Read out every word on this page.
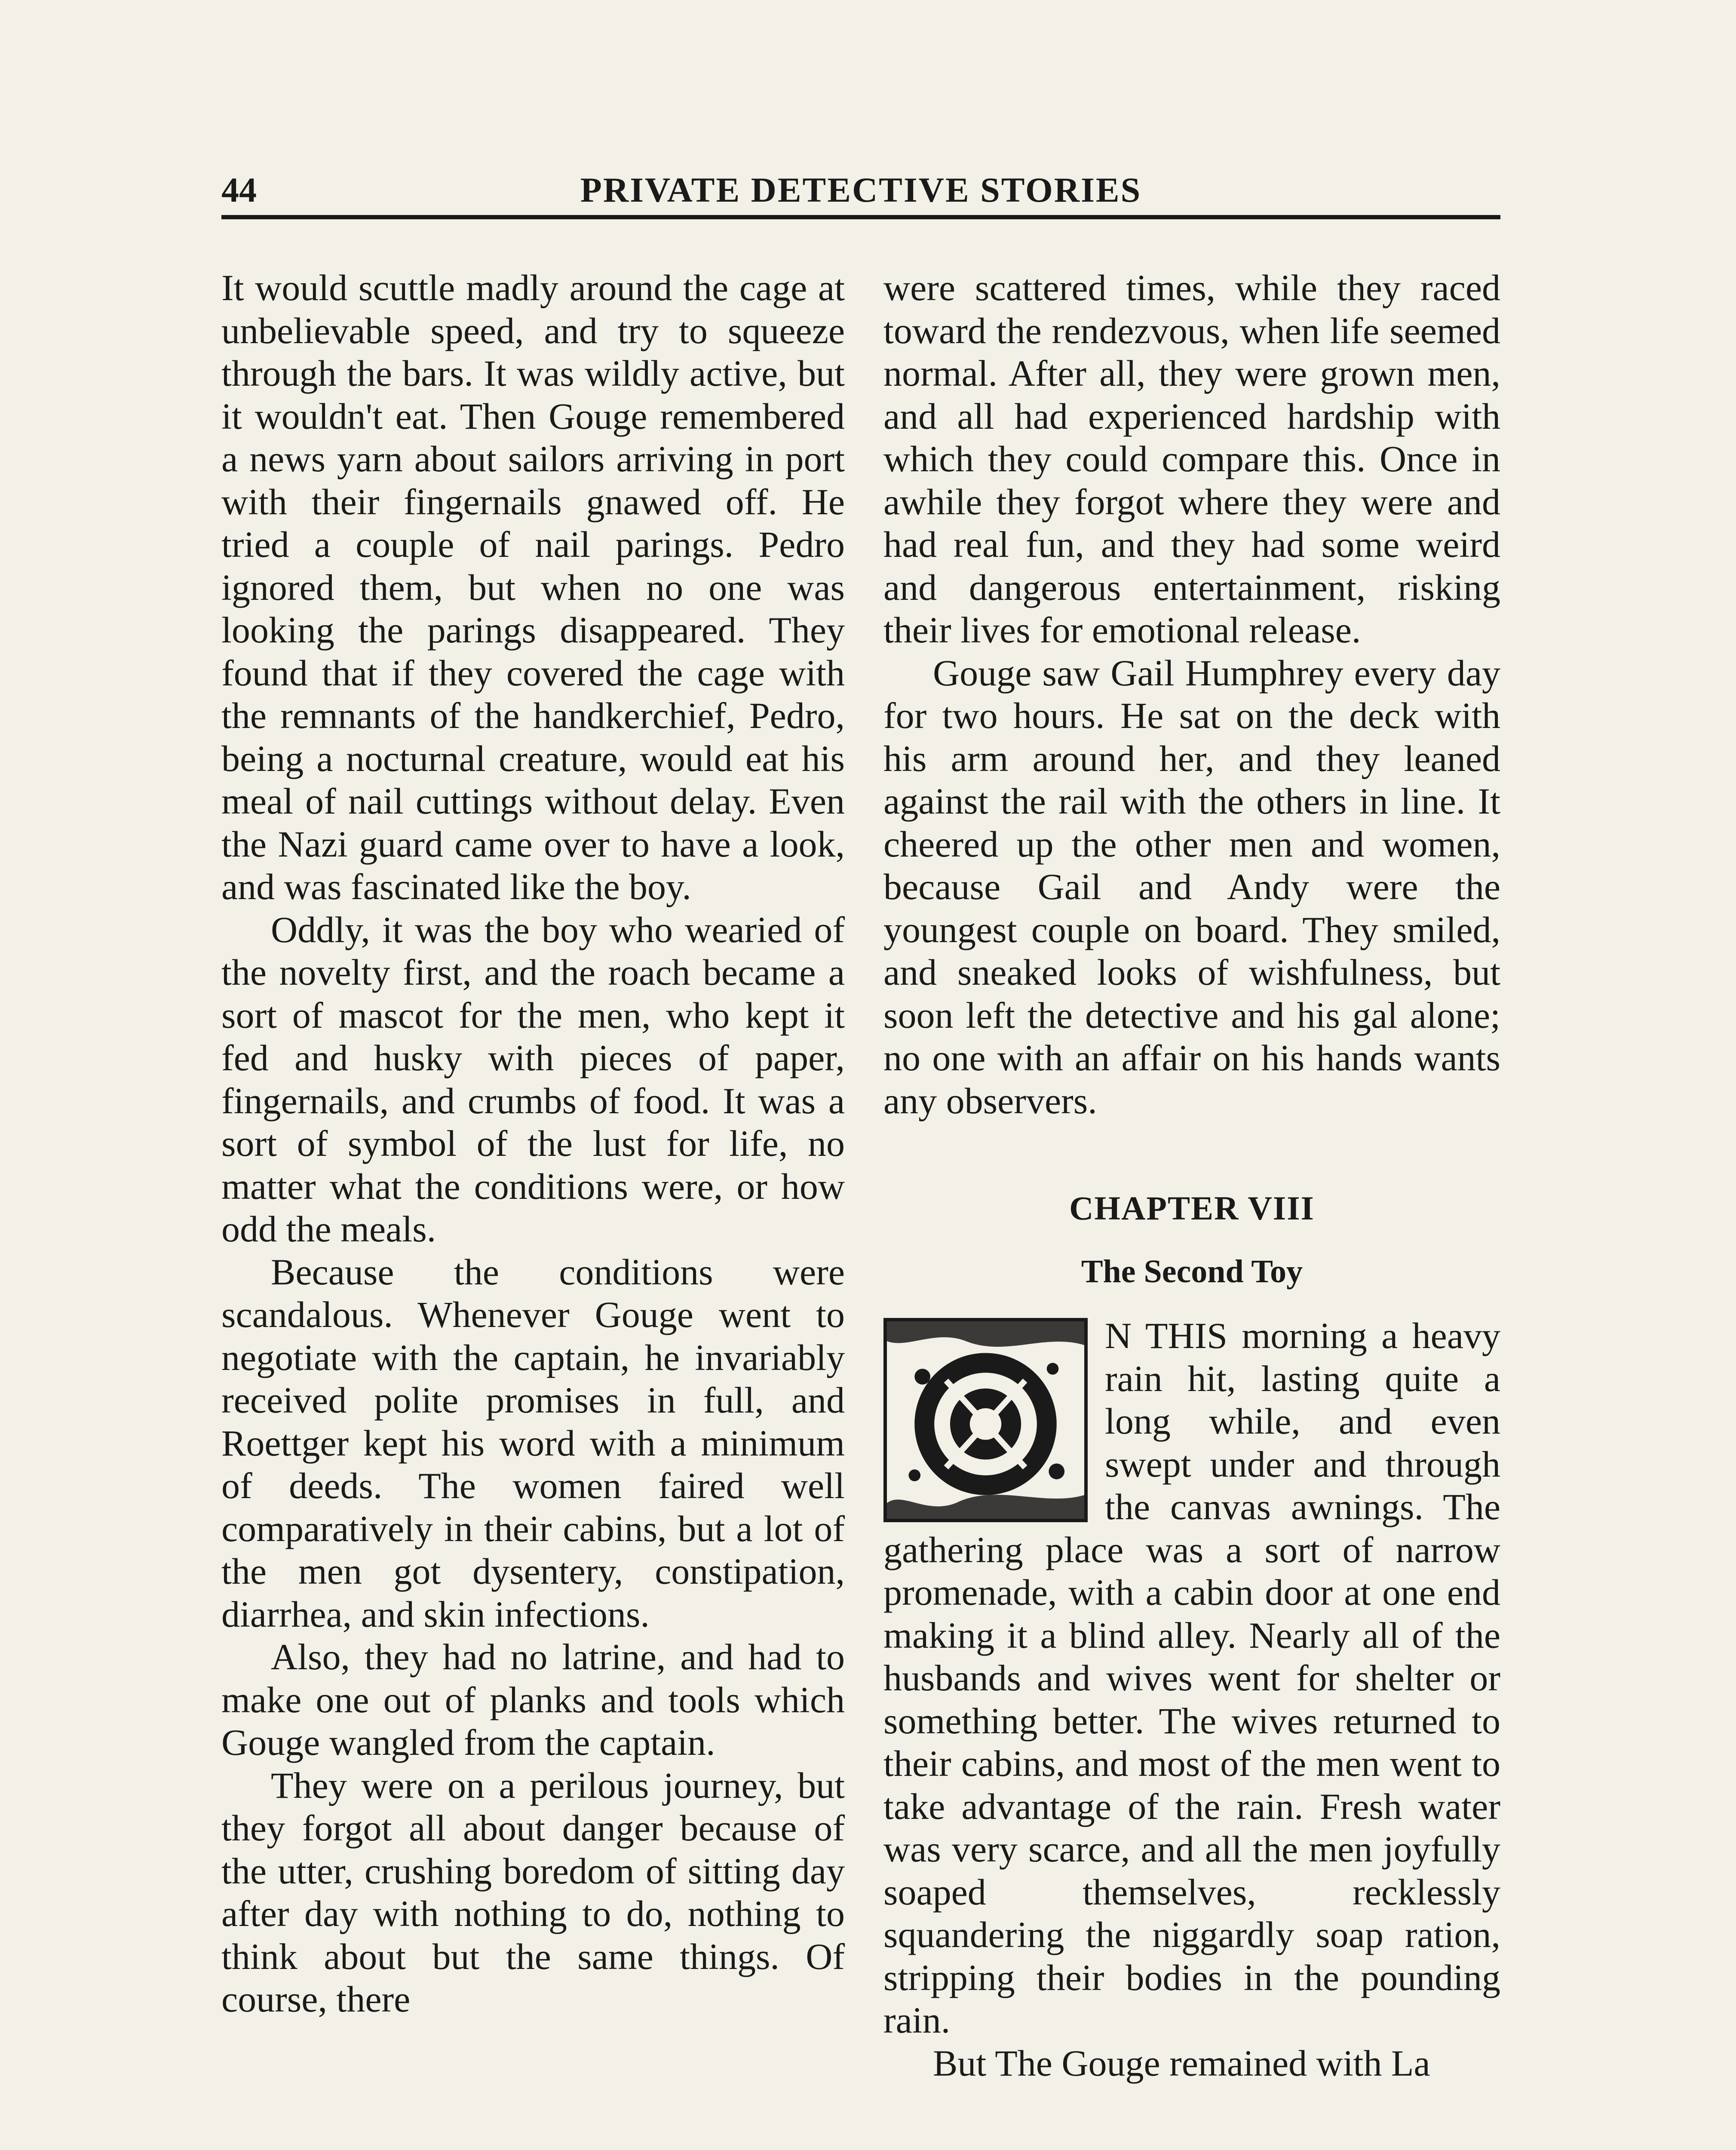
44	PRIVATE DETECTIVE STORIES

It would scuttle madly around the cage at unbelievable speed, and try to squeeze through the bars. It was wildly active, but it wouldn't eat. Then Gouge remembered a news yarn about sailors arriving in port with their fingernails gnawed off. He tried a couple of nail parings. Pedro ignored them, but when no one was looking the parings disappeared. They found that if they covered the cage with the remnants of the handkerchief, Pedro, being a nocturnal creature, would eat his meal of nail cuttings without delay. Even the Nazi guard came over to have a look, and was fascinated like the boy.

Oddly, it was the boy who wearied of the novelty first, and the roach became a sort of mascot for the men, who kept it fed and husky with pieces of paper, fingernails, and crumbs of food. It was a sort of symbol of the lust for life, no matter what the conditions were, or how odd the meals.

Because the conditions were scandalous. Whenever Gouge went to negotiate with the captain, he invariably received polite promises in full, and Roettger kept his word with a minimum of deeds. The women faired well comparatively in their cabins, but a lot of the men got dysentery, constipation, diarrhea, and skin infections.

Also, they had no latrine, and had to make one out of planks and tools which Gouge wangled from the captain.

They were on a perilous journey, but they forgot all about danger because of the utter, crushing boredom of sitting day after day with nothing to do, nothing to think about but the same things. Of course, there

were scattered times, while they raced toward the rendezvous, when life seemed normal. After all, they were grown men, and all had experienced hardship with which they could compare this. Once in awhile they forgot where they were and had real fun, and they had some weird and dangerous entertainment, risking their lives for emotional release.

Gouge saw Gail Humphrey every day for two hours. He sat on the deck with his arm around her, and they leaned against the rail with the others in line. It cheered up the other men and women, because Gail and Andy were the youngest couple on board. They smiled, and sneaked looks of wishfulness, but soon left the detective and his gal alone; no one with an affair on his hands wants any observers.

CHAPTER VIII
The Second Toy

N THIS morning a heavy rain hit, lasting quite a long while, and even swept under and through the canvas awnings. The gathering place was a sort of narrow promenade, with a cabin door at one end making it a blind alley. Nearly all of the husbands and wives went for shelter or something better. The wives returned to their cabins, and most of the men went to take advantage of the rain. Fresh water was very scarce, and all the men joyfully soaped themselves, recklessly squandering the niggardly soap ration, stripping their bodies in the pounding rain.

But The Gouge remained with La
